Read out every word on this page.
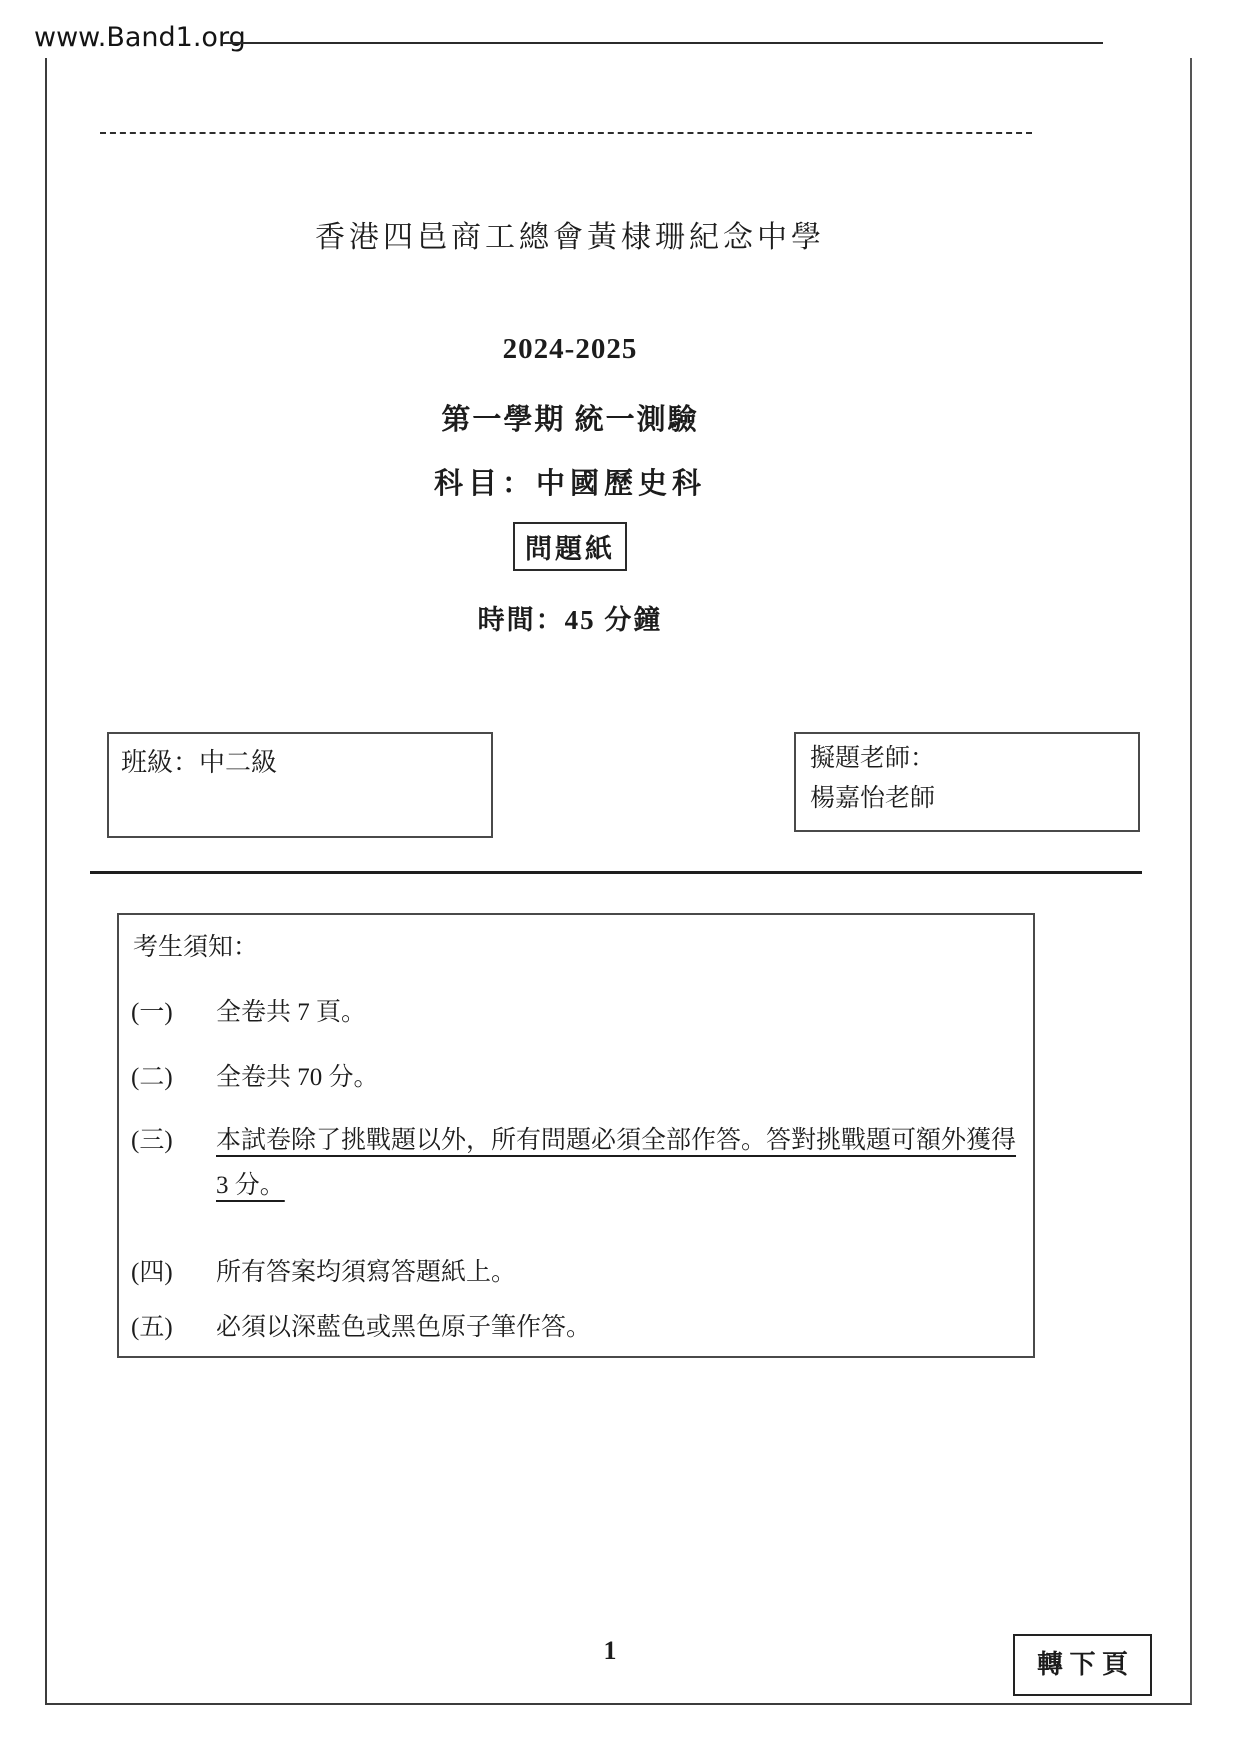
www.Band1.org
香港四邑商工總會黃棣珊紀念中學
2024-2025
第一學期 統一測驗
科目：中國歷史科
問題紙
時間：45 分鐘
班級：中二級	擬題老師：
楊嘉怡老師
考生須知：
(一)	全卷共 7 頁。
(二)	全卷共 70 分。
(三)	本試卷除了挑戰題以外，所有問題必須全部作答。答對挑戰題可額外獲得
3 分。
(四)	所有答案均須寫答題紙上。
(五)	必須以深藍色或黑色原子筆作答。
1	轉 下 頁
